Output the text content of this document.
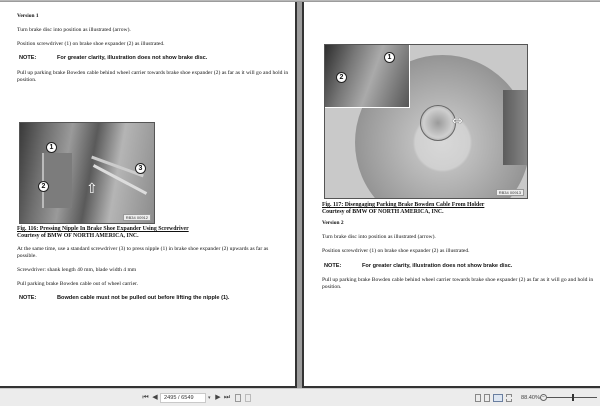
Version 1
Turn brake disc into position as illustrated (arrow).
Position screwdriver (1) on brake shoe expander (2) as illustrated.
NOTE:	For greater clarity, illustration does not show brake disc.
Pull up parking brake Bowden cable behind wheel carrier towards brake shoe expander (2) as far as it will go and hold in position.
⇧
1
2
3
RB34 00912
Fig. 116: Pressing Nipple In Brake Shoe Expander Using Screwdriver
Courtesy of BMW OF NORTH AMERICA, INC.
At the same time, use a standard screwdriver (3) to press nipple (1) in brake shoe expander (2) upwards as far as possible.
Screwdriver: shank length 40 mm, blade width 4 mm
Pull parking brake Bowden cable out of wheel carrier.
NOTE:	Bowden cable must not be pulled out before lifting the nipple (1).
1
2
⇔
RB34 00913
Fig. 117: Disengaging Parking Brake Bowden Cable From Holder
Courtesy of BMW OF NORTH AMERICA, INC.
Version 2
Turn brake disc into position as illustrated (arrow).
Position screwdriver (1) on brake shoe expander (2) as illustrated.
NOTE:	For greater clarity, illustration does not show brake disc.
Pull up parking brake Bowden cable behind wheel carrier towards brake shoe expander (2) as far as it will go and hold in position.
⏮ ◀	2495 / 6549	▾ ▶ ⏭	88.40% −
